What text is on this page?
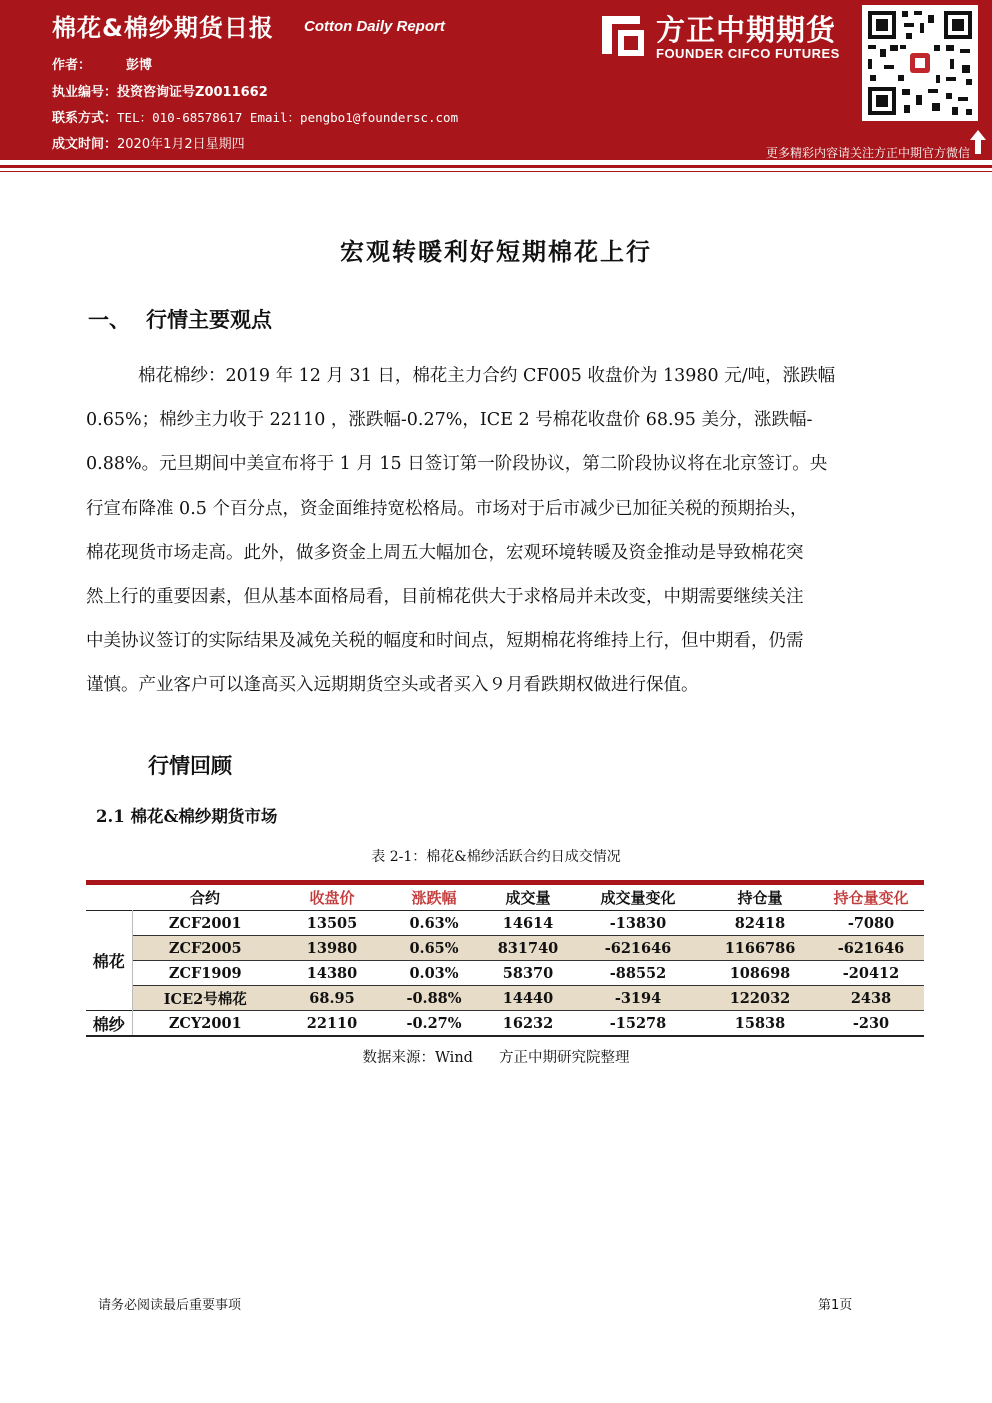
棉花&棉纱期货日报 Cotton Daily Report
作者：	彭博
执业编号：投资咨询证号Z0011662
联系方式：TEL：010-68578617 Email：pengbo1@foundersc.com
成文时间：2020年1月2日星期四
方正中期期货
FOUNDER CIFCO FUTURES
更多精彩内容请关注方正中期官方微信
宏观转暖利好短期棉花上行
一、 行情主要观点
棉花棉纱：2019 年 12 月 31 日，棉花主力合约 CF005 收盘价为 13980 元/吨，涨跌幅
0.65%；棉纱主力收于 22110 ，涨跌幅-0.27%，ICE 2 号棉花收盘价 68.95 美分，涨跌幅-
0.88%。元旦期间中美宣布将于 1 月 15 日签订第一阶段协议，第二阶段协议将在北京签订。央
行宣布降准 0.5 个百分点，资金面维持宽松格局。市场对于后市减少已加征关税的预期抬头，
棉花现货市场走高。此外，做多资金上周五大幅加仓，宏观环境转暖及资金推动是导致棉花突
然上行的重要因素，但从基本面格局看，目前棉花供大于求格局并未改变，中期需要继续关注
中美协议签订的实际结果及减免关税的幅度和时间点，短期棉花将维持上行，但中期看，仍需
谨慎。产业客户可以逢高买入远期期货空头或者买入９月看跌期权做进行保值。
行情回顾
2.1 棉花&棉纱期货市场
表 2-1：棉花&棉纱活跃合约日成交情况
	合约	收盘价	涨跌幅	成交量	成交量变化	持仓量	持仓量变化
棉花	ZCF2001	13505	0.63%	14614	-13830	82418	-7080
	ZCF2005	13980	0.65%	831740	-621646	1166786	-621646
	ZCF1909	14380	0.03%	58370	-88552	108698	-20412
	ICE2号棉花	68.95	-0.88%	14440	-3194	122032	2438
棉纱	ZCY2001	22110	-0.27%	16232	-15278	15838	-230
数据来源：Wind 方正中期研究院整理
请务必阅读最后重要事项	第1页
